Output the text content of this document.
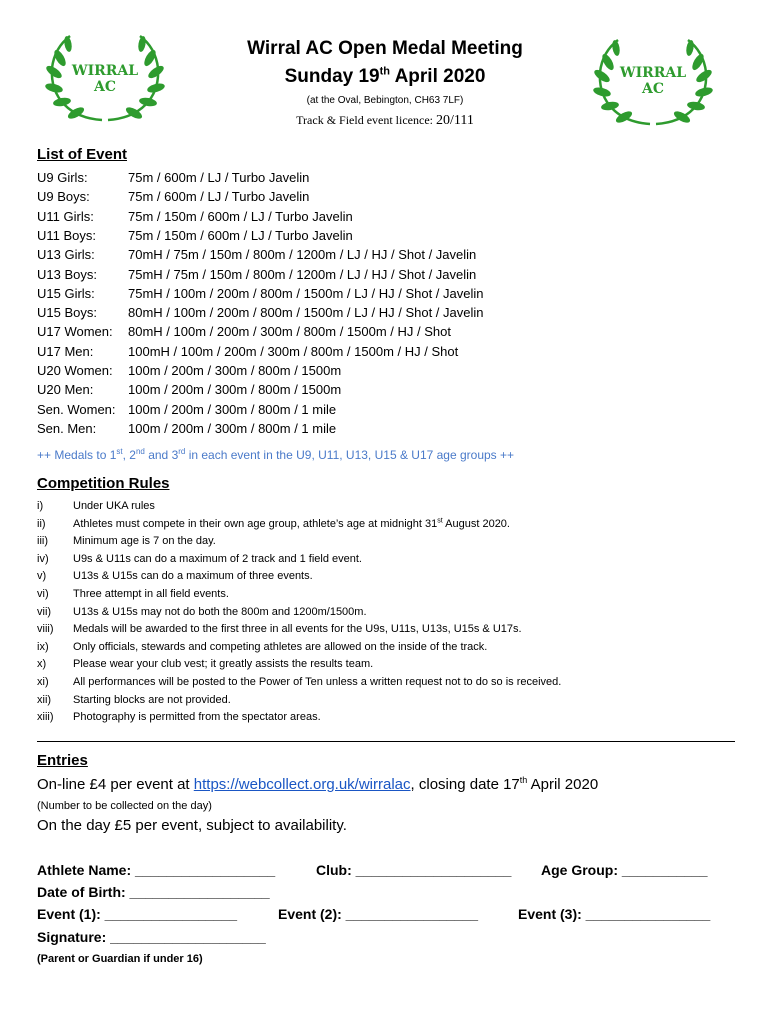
WIRRAL
AC
WIRRAL
AC
Wirral AC Open Medal Meeting
Sunday 19th April 2020
(at the Oval, Bebington, CH63 7LF)
Track & Field event licence: 20/111
List of Event
U9 Girls:	75m / 600m / LJ / Turbo Javelin
U9 Boys:	75m / 600m / LJ / Turbo Javelin
U11 Girls:	75m / 150m / 600m / LJ / Turbo Javelin
U11 Boys: 75m / 150m / 600m / LJ / Turbo Javelin
U13 Girls:	70mH / 75m / 150m / 800m / 1200m / LJ / HJ / Shot / Javelin
U13 Boys: 75mH / 75m / 150m / 800m / 1200m / LJ / HJ / Shot / Javelin
U15 Girls:	75mH / 100m / 200m / 800m / 1500m / LJ / HJ / Shot / Javelin
U15 Boys: 80mH / 100m / 200m / 800m / 1500m / LJ / HJ / Shot / Javelin
U17 Women: 80mH / 100m / 200m / 300m / 800m / 1500m / HJ / Shot
U17 Men:	100mH / 100m / 200m / 300m / 800m / 1500m / HJ / Shot
U20 Women: 100m / 200m / 300m / 800m / 1500m
U20 Men:	100m / 200m / 300m / 800m / 1500m
Sen. Women: 100m / 200m / 300m / 800m / 1 mile
Sen. Men: 100m / 200m / 300m / 800m / 1 mile
++ Medals to 1st, 2nd and 3rd in each event in the U9, U11, U13, U15 & U17 age groups ++
Competition Rules
i)	Under UKA rules
ii) Athletes must compete in their own age group, athlete’s age at midnight 31st August 2020.
iii) Minimum age is 7 on the day.
iv) U9s & U11s can do a maximum of 2 track and 1 field event.
v) U13s & U15s can do a maximum of three events.
vi) Three attempt in all field events.
vii) U13s & U15s may not do both the 800m and 1200m/1500m.
viii) Medals will be awarded to the first three in all events for the U9s, U11s, U13s, U15s & U17s.
ix) Only officials, stewards and competing athletes are allowed on the inside of the track.
x) Please wear your club vest; it greatly assists the results team.
xi) All performances will be posted to the Power of Ten unless a written request not to do so is received.
xii) Starting blocks are not provided.
xiii) Photography is permitted from the spectator areas.
Entries
On-line £4 per event at https://webcollect.org.uk/wirralac, closing date 17th April 2020
(Number to be collected on the day)
On the day £5 per event, subject to availability.
Athlete Name: __________________	Club: ____________________ Age Group: ___________
Date of Birth: __________________
Event (1): _________________	Event (2): _________________	Event (3): ________________
Signature: ____________________
(Parent or Guardian if under 16)
